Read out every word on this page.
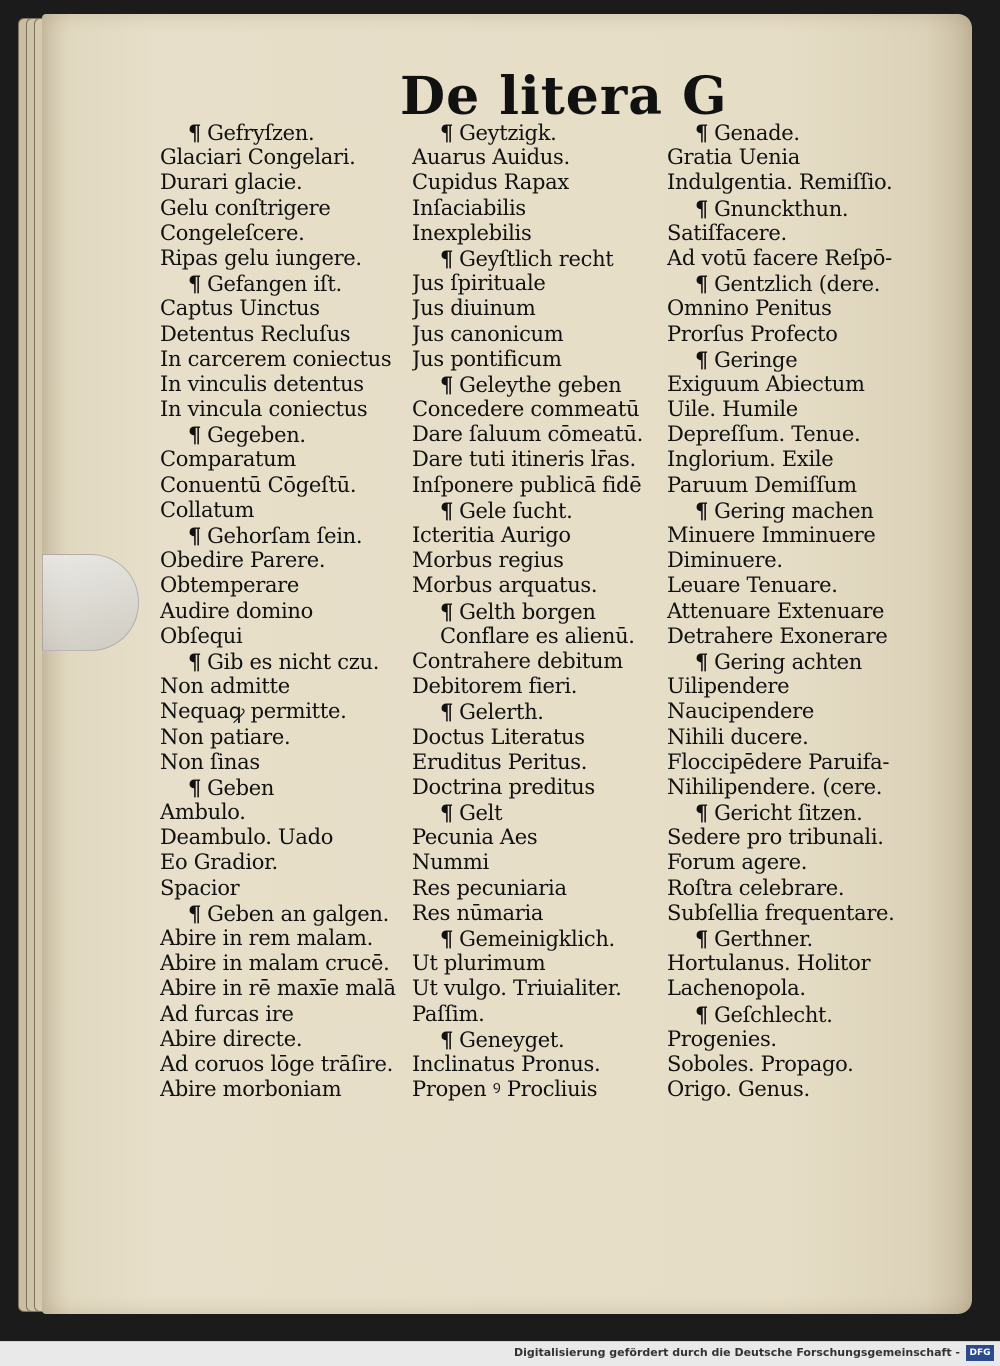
De litera G
¶ Gefryſzen.
Glaciari Congelari.
Durari glacie.
Gelu conſtrigere
Congeleſcere.
Ripas gelu iungere.
¶ Gefangen iſt.
Captus Uinctus
Detentus Recluſus
In carcerem coniectus
In vinculis detentus
In vincula coniectus
¶ Gegeben.
Comparatum
Conuentū Cōgeſtū.
Collatum
¶ Gehorſam ſein.
Obedire Parere.
Obtemperare
Audire domino
Obſequi
¶ Gib es nicht czu.
Non admitte
Nequaꝙ permitte.
Non patiare.
Non ſinas
¶ Geben
Ambulo.
Deambulo. Uado
Eo Gradior.
Spacior
¶ Geben an galgen.
Abire in rem malam.
Abire in malam crucē.
Abire in rē maxīe malā
Ad furcas ire
Abire directe.
Ad coruos lōge trāſire.
Abire morboniam
¶ Geytzigk.
Auarus Auidus.
Cupidus Rapax
Inſaciabilis
Inexplebilis
¶ Geyſtlich recht
Jus ſpirituale
Jus diuinum
Jus canonicum
Jus pontificum
¶ Geleythe geben
Concedere commeatū
Dare ſaluum cōmeatū.
Dare tuti itineris lr̄as.
Inſponere publicā fidē
¶ Gele ſucht.
Icteritia Aurigo
Morbus regius
Morbus arquatus.
¶ Gelth borgen
Conflare es alienū.
Contrahere debitum
Debitorem fieri.
¶ Gelerth.
Doctus Literatus
Eruditus Peritus.
Doctrina preditus
¶ Gelt
Pecunia Aes
Nummi
Res pecuniaria
Res nūmaria
¶ Gemeinigklich.
Ut plurimum
Ut vulgo. Triuialiter.
Paſſim.
¶ Geneyget.
Inclinatus Pronus.
Propen ꝰ Procliuis
¶ Genade.
Gratia Uenia
Indulgentia. Remiſſio.
¶ Gnunckthun.
Satiſfacere.
Ad votū facere Reſpō-
¶ Gentzlich (dere.
Omnino Penitus
Prorſus Profecto
¶ Geringe
Exiguum Abiectum
Uile. Humile
Depreſſum. Tenue.
Inglorium. Exile
Paruum Demiſſum
¶ Gering machen
Minuere Imminuere
Diminuere.
Leuare Tenuare.
Attenuare Extenuare
Detrahere Exonerare
¶ Gering achten
Uilipendere
Naucipendere
Nihili ducere.
Floccipēdere Paruifa-
Nihilipendere. (cere.
¶ Gericht ſitzen.
Sedere pro tribunali.
Forum agere.
Roſtra celebrare.
Subſellia frequentare.
¶ Gerthner.
Hortulanus. Holitor
Lachenopola.
¶ Geſchlecht.
Progenies.
Soboles. Propago.
Origo. Genus.
Digitalisierung gefördert durch die Deutsche Forschungsgemeinschaft -	DFG
